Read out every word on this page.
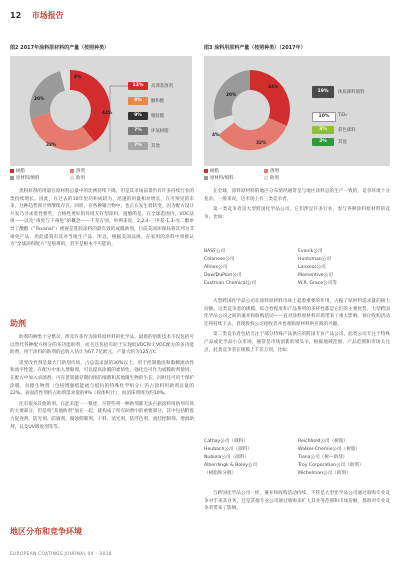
12 市场报告
图2 2017年涂料原材料的产量（按照种类）
44%
32%
20%
4%
12%	高沸基溶剂
9%	酮和酯
9%	聚胺酯
7%	环氧树脂
7%	其他
树脂	溶剂
原材料/填料	助剂
图3 涂料用原料产量（按照种类）（2017年）
44%
32%
4%
20%
19%	体质颜料填料
10%	TiO₂
3%	彩色颜料
2%	其他
树脂	溶剂
原材料/填料	助剂

黑粉原剂的用量在原材料总量中的比例持续下降，但是其市场前景仍有许多持续行业的类持续增长。因此，在过去的10年里功积成较为，迅速的用量相对增长，在可预见的未来，这种趋势预计将继续存在。同样，在各种聚合物中，也正在发生着转变。因为配方设计开发乃寻求着性要些，合格性更好的环境友好型涂料，遗憾的是，在全球范围内，VOC法规——以及“毒免与不毒免”的概念——千差万别，举例来说，2,2,4-三甲基-1,3-戊二醇单异丁酸酯（“Texanol”）被视是乳胶涂料的最有效的成膜助剂，目前美国环保局将其列为非毒免产品，用此提到有其对当地生产品，所以，根据美国法规，在家用的涂料中将被认为“全球涂料配方”是很难的，甚至是根本不可能的。

助剂

助剂的种类十分繁杂，涉及许多作为涂料原材料的化学品。最新的创新技术不仅包括可以替代各种配方组分的多功能助剂，而且还包括有助于实现低VOC和无VOC配方的多功能助剂，用于涂料的助剂的总收入估计为67.7亿欧元，产量大约为125万t。

适变改性剂是最大门助剂市场，占总需求量的30%以上，用于控制黏度和黏稠流动性和流平性能。在配方中加入增黏剂，可以提高涂膜的柔韧性，强化还可作为成膜助剂使用。在配方中加入杀菌剂，可在货架储存期间预防细菌和其他微生物的生长，同时还可用于保护涂膜。抗擦生物剂（包括增强低能流与抵抗的特殊化学组分）的占涂料用助剂总量的22%。表面活性剂约占助剂需求量的9%（按体积计），而消沫剂则为约10%。

还有很多其他助剂。在此未能一一赘述，尽管些将一种助剂都无法占据涂料用助剂市场的主要部分，但是将“其他助剂”加在一起，就构成了所有助剂中的重要部分，其中包括附着力促进剂、防光剂、防腐剂、腐蚀抑制剂、干料、消光剂、防浮色剂、流挂控制剂、增滑助剂，以及UV吸收剂等等。

地区分布和竞争环境

在全球，涂料原材料的地区分布情况通常是与地区涂料总的生产一致的，竞争环境十分复杂，一般来说，这市场上有三类竞争者。

第一类竞争者是大型跨国化学品公司，它们涉足许多行业，参与各种涂料原材料的竞争，比如：

BASF公司	Evonik公司
Celanese公司	Huntsman公司
Allnex公司	Lanxess公司
Dow/DuPont公司	Momentive公司
Eastman Chemical公司	W.R. Grace公司等

大型跨国化学品公司在涂料原材料市场上起着重要的作用，占据了原材料需求量的极大份额。这类竞争者的规模，综合性程度和产品系列的多样性都是它们的主要优势，大型跨国化学品公司之间的兼并和收购活动——直对涂料原材料市场带来了重大影响，预计收购活动还将持续下去，甚现股权公司接收者并也收购原材料供应商的兴趣。

第二类竞争者包括专注于部分特殊产品供应的跨国专业产品公司，此类公司专注于特殊产品或化学品小众市场，通常是市场创新的领头羊，根据地域范围、产品范围和市场关注点，此类竞争者在规模上千差万别，比如：

Cathay公司（颜料）	Reichhold公司（树脂）
Heubach公司（颜料）	Walker-Chemie公司（树脂）
Nubiola公司（颜料）	Tiana公司（树—助剂）
Alberdingk & Boley公司	Troy Corporation公司（助剂）
（树脂和分散）	Michelman公司（助剂）

与跨国化学品公司一样，兼并和收购活动持续，不管是大型化学品公司通过收购专业竞争对手来其业务，还是其他专业公司通过收购来扩大其业务范围和市场份额，都将对专业竞争者带来了影响。

EUROPEAN COATINGS JOURNAL 04 – 2018
